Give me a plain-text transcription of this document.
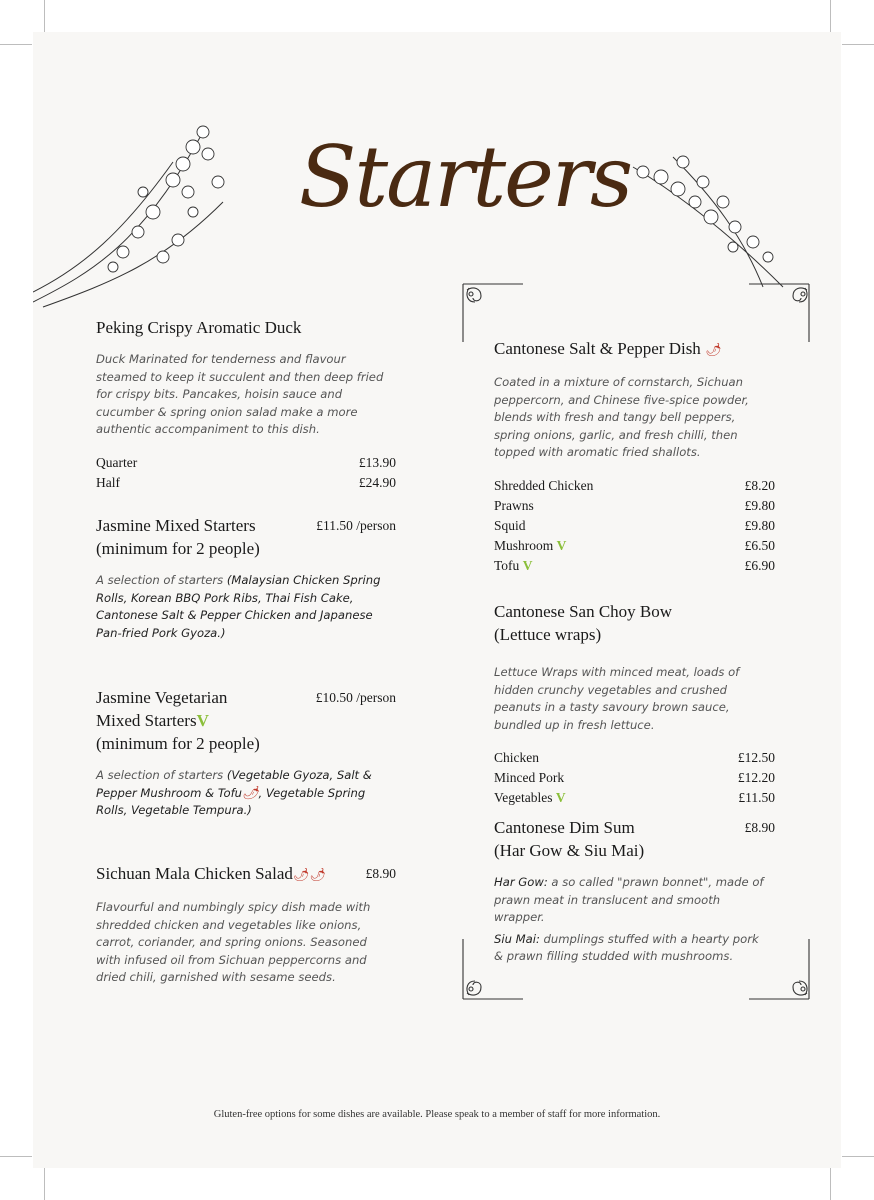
Starters
Peking Crispy Aromatic Duck
Duck Marinated for tenderness and flavour steamed to keep it succulent and then deep fried for crispy bits. Pancakes, hoisin sauce and cucumber & spring onion salad make a more authentic accompaniment to this dish.
Quarter	£13.90
Half	£24.90
Jasmine Mixed Starters	£11.50 /person
(minimum for 2 people)
A selection of starters (Malaysian Chicken Spring Rolls, Korean BBQ Pork Ribs, Thai Fish Cake, Cantonese Salt & Pepper Chicken and Japanese Pan-fried Pork Gyoza.)
Jasmine Vegetarian	£10.50 /person
Mixed StartersV
(minimum for 2 people)
A selection of starters (Vegetable Gyoza, Salt & Pepper Mushroom & Tofu🌶, Vegetable Spring Rolls, Vegetable Tempura.)
Sichuan Mala Chicken Salad🌶🌶	£8.90
Flavourful and numbingly spicy dish made with shredded chicken and vegetables like onions, carrot, coriander, and spring onions. Seasoned with infused oil from Sichuan peppercorns and dried chili, garnished with sesame seeds.
Cantonese Salt & Pepper Dish 🌶
Coated in a mixture of cornstarch, Sichuan peppercorn, and Chinese five-spice powder, blends with fresh and tangy bell peppers, spring onions, garlic, and fresh chilli, then topped with aromatic fried shallots.
Shredded Chicken	£8.20
Prawns	£9.80
Squid	£9.80
Mushroom V	£6.50
Tofu V	£6.90
Cantonese San Choy Bow
(Lettuce wraps)
Lettuce Wraps with minced meat, loads of hidden crunchy vegetables and crushed peanuts in a tasty savoury brown sauce, bundled up in fresh lettuce.
Chicken	£12.50
Minced Pork	£12.20
Vegetables V	£11.50
Cantonese Dim Sum	£8.90
(Har Gow & Siu Mai)
Har Gow: a so called "prawn bonnet", made of prawn meat in translucent and smooth wrapper.
Siu Mai: dumplings stuffed with a hearty pork & prawn filling studded with mushrooms.
Gluten-free options for some dishes are available. Please speak to a member of staff for more information.
